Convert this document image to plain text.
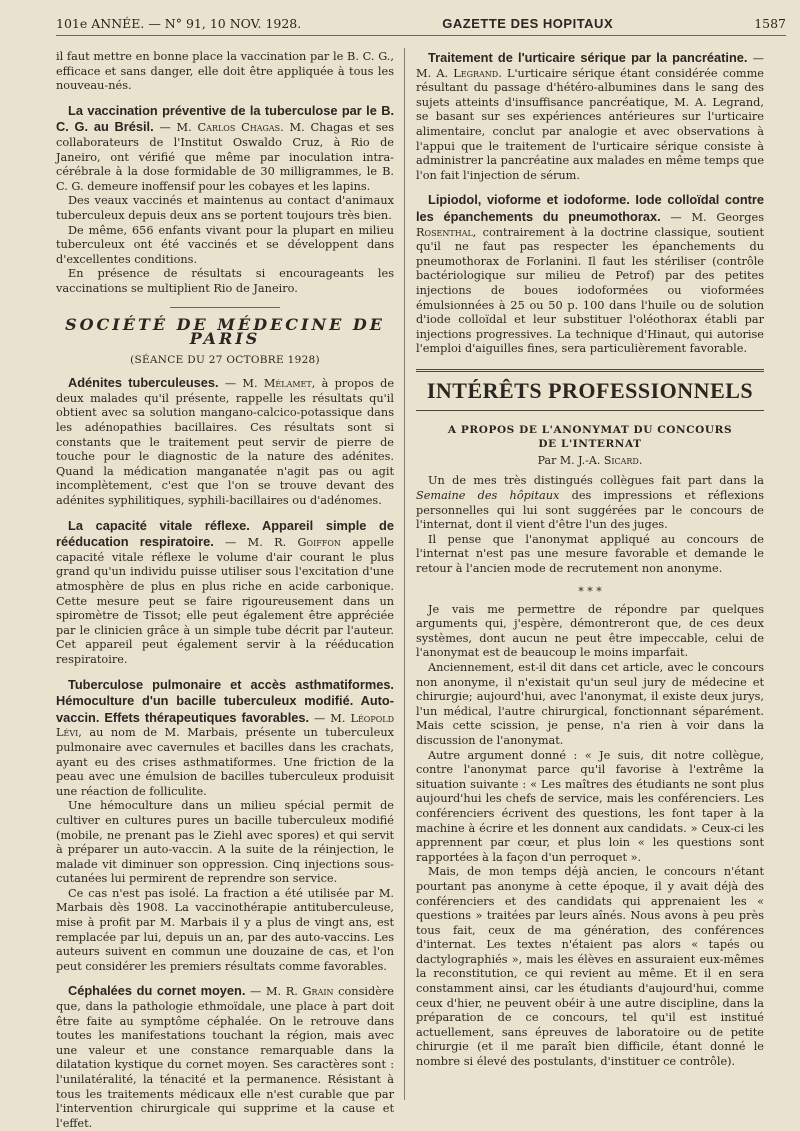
101e ANNÉE. — N° 91, 10 NOV. 1928.	GAZETTE DES HOPITAUX	1587

il faut mettre en bonne place la vaccination par le B. C. G., efficace et sans danger, elle doit être appliquée à tous les nouveau-nés.

La vaccination préventive de la tuberculose par le B. C. G. au Brésil. — M. Carlos Chagas. M. Chagas et ses collaborateurs de l'Institut Oswaldo Cruz, à Rio de Janeiro, ont vérifié que même par inoculation intra-cérébrale à la dose formidable de 30 milligrammes, le B. C. G. demeure inoffensif pour les cobayes et les lapins.

Des veaux vaccinés et maintenus au contact d'animaux tuberculeux depuis deux ans se portent toujours très bien.

De même, 656 enfants vivant pour la plupart en milieu tuberculeux ont été vaccinés et se développent dans d'excellentes conditions.

En présence de résultats si encourageants les vaccinations se multiplient Rio de Janeiro.

SOCIÉTÉ DE MÉDECINE DE PARIS
(SÉANCE DU 27 OCTOBRE 1928)

Adénites tuberculeuses. — M. Mélamet, à propos de deux malades qu'il présente, rappelle les résultats qu'il obtient avec sa solution mangano-calcico-potassique dans les adénopathies bacillaires. Ces résultats sont si constants que le traitement peut servir de pierre de touche pour le diagnostic de la nature des adénites. Quand la médication manganatée n'agit pas ou agit incomplètement, c'est que l'on se trouve devant des adénites syphilitiques, syphili-bacillaires ou d'adénomes.

La capacité vitale réflexe. Appareil simple de rééducation respiratoire. — M. R. Goiffon appelle capacité vitale réflexe le volume d'air courant le plus grand qu'un individu puisse utiliser sous l'excitation d'une atmosphère de plus en plus riche en acide carbonique. Cette mesure peut se faire rigoureusement dans un spiromètre de Tissot; elle peut également être appréciée par le clinicien grâce à un simple tube décrit par l'auteur. Cet appareil peut également servir à la rééducation respiratoire.

Tuberculose pulmonaire et accès asthmatiformes. Hémoculture d'un bacille tuberculeux modifié. Auto-vaccin. Effets thérapeutiques favorables. — M. Léopold Lévi, au nom de M. Marbais, présente un tuberculeux pulmonaire avec cavernules et bacilles dans les crachats, ayant eu des crises asthmatiformes. Une friction de la peau avec une émulsion de bacilles tuberculeux produisit une réaction de folliculite.

Une hémoculture dans un milieu spécial permit de cultiver en cultures pures un bacille tuberculeux modifié (mobile, ne prenant pas le Ziehl avec spores) et qui servit à préparer un auto-vaccin. A la suite de la réinjection, le malade vit diminuer son oppression. Cinq injections sous-cutanées lui permirent de reprendre son service.

Ce cas n'est pas isolé. La fraction a été utilisée par M. Marbais dès 1908. La vaccinothérapie antituberculeuse, mise à profit par M. Marbais il y a plus de vingt ans, est remplacée par lui, depuis un an, par des auto-vaccins. Les auteurs suivent en commun une douzaine de cas, et l'on peut considérer les premiers résultats comme favorables.

Céphalées du cornet moyen. — M. R. Grain considère que, dans la pathologie ethmoïdale, une place à part doit être faite au symptôme céphalée. On le retrouve dans toutes les manifestations touchant la région, mais avec une valeur et une constance remarquable dans la dilatation kystique du cornet moyen. Ses caractères sont : l'unilatéralité, la ténacité et la permanence. Résistant à tous les traitements médicaux elle n'est curable que par l'intervention chirurgicale qui supprime et la cause et l'effet.

Traitement de l'urticaire sérique par la pancréatine. — M. A. Legrand. L'urticaire sérique étant considérée comme résultant du passage d'hétéro-albumines dans le sang des sujets atteints d'insuffisance pancréatique, M. A. Legrand, se basant sur ses expériences antérieures sur l'urticaire alimentaire, conclut par analogie et avec observations à l'appui que le traitement de l'urticaire sérique consiste à administrer la pancréatine aux malades en même temps que l'on fait l'injection de sérum.

Lipiodol, vioforme et iodoforme. Iode colloïdal contre les épanchements du pneumothorax. — M. Georges Rosenthal, contrairement à la doctrine classique, soutient qu'il ne faut pas respecter les épanchements du pneumothorax de Forlanini. Il faut les stériliser (contrôle bactériologique sur milieu de Petrof) par des petites injections de boues iodoformées ou vioformées émulsionnées à 25 ou 50 p. 100 dans l'huile ou de solution d'iode colloïdal et leur substituer l'oléothorax établi par injections progressives. La technique d'Hinaut, qui autorise l'emploi d'aiguilles fines, sera particulièrement favorable.

INTÉRÊTS PROFESSIONNELS
A PROPOS DE L'ANONYMAT DU CONCOURS
DE L'INTERNAT
Par M. J.-A. Sicard.

Un de mes très distingués collègues fait part dans la Semaine des hôpitaux des impressions et réflexions personnelles qui lui sont suggérées par le concours de l'internat, dont il vient d'être l'un des juges.

Il pense que l'anonymat appliqué au concours de l'internat n'est pas une mesure favorable et demande le retour à l'ancien mode de recrutement non anonyme.

* * *

Je vais me permettre de répondre par quelques arguments qui, j'espère, démontreront que, de ces deux systèmes, dont aucun ne peut être impeccable, celui de l'anonymat est de beaucoup le moins imparfait.

Anciennement, est-il dit dans cet article, avec le concours non anonyme, il n'existait qu'un seul jury de médecine et chirurgie; aujourd'hui, avec l'anonymat, il existe deux jurys, l'un médical, l'autre chirurgical, fonctionnant séparément. Mais cette scission, je pense, n'a rien à voir dans la discussion de l'anonymat.

Autre argument donné : « Je suis, dit notre collègue, contre l'anonymat parce qu'il favorise à l'extrême la situation suivante : « Les maîtres des étudiants ne sont plus aujourd'hui les chefs de service, mais les conférenciers. Les conférenciers écrivent des questions, les font taper à la machine à écrire et les donnent aux candidats. » Ceux-ci les apprennent par cœur, et plus loin « les questions sont rapportées à la façon d'un perroquet ».

Mais, de mon temps déjà ancien, le concours n'étant pourtant pas anonyme à cette époque, il y avait déjà des conférenciers et des candidats qui apprenaient les « questions » traitées par leurs aînés. Nous avons à peu près tous fait, ceux de ma génération, des conférences d'internat. Les textes n'étaient pas alors « tapés ou dactylographiés », mais les élèves en assuraient eux-mêmes la reconstitution, ce qui revient au même. Et il en sera constamment ainsi, car les étudiants d'aujourd'hui, comme ceux d'hier, ne peuvent obéir à une autre discipline, dans la préparation de ce concours, tel qu'il est institué actuellement, sans épreuves de laboratoire ou de petite chirurgie (et il me paraît bien difficile, étant donné le nombre si élevé des postulants, d'instituer ce contrôle).
